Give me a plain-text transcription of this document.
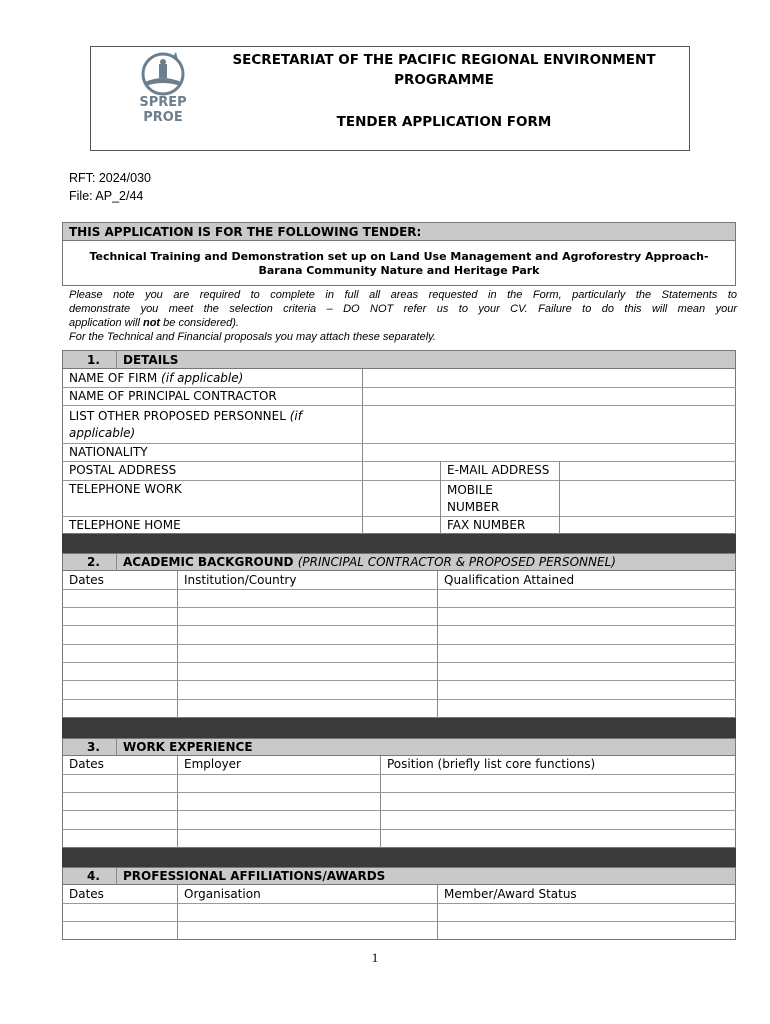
SPREP
PROE
SECRETARIAT OF THE PACIFIC REGIONAL ENVIRONMENT
PROGRAMME
TENDER APPLICATION FORM
RFT: 2024/030
File: AP_2/44
THIS APPLICATION IS FOR THE FOLLOWING TENDER:
Technical Training and Demonstration set up on Land Use Management and Agroforestry Approach-
Barana Community Nature and Heritage Park
Please note you are required to complete in full all areas requested in the Form, particularly the Statements to
demonstrate you meet the selection criteria – DO NOT refer us to your CV. Failure to do this will mean your
application will not be considered).
For the Technical and Financial proposals you may attach these separately.
1.	DETAILS
NAME OF FIRM (if applicable)
NAME OF PRINCIPAL CONTRACTOR
LIST OTHER PROPOSED PERSONNEL (if
applicable)
NATIONALITY
POSTAL ADDRESS	E-MAIL ADDRESS
TELEPHONE WORK	MOBILE
NUMBER
TELEPHONE HOME	FAX NUMBER
2.	ACADEMIC BACKGROUND (PRINCIPAL CONTRACTOR & PROPOSED PERSONNEL)
Dates	Institution/Country	Qualification Attained
3.	WORK EXPERIENCE
Dates	Employer	Position (briefly list core functions)
4.	PROFESSIONAL AFFILIATIONS/AWARDS
Dates	Organisation	Member/Award Status
1
